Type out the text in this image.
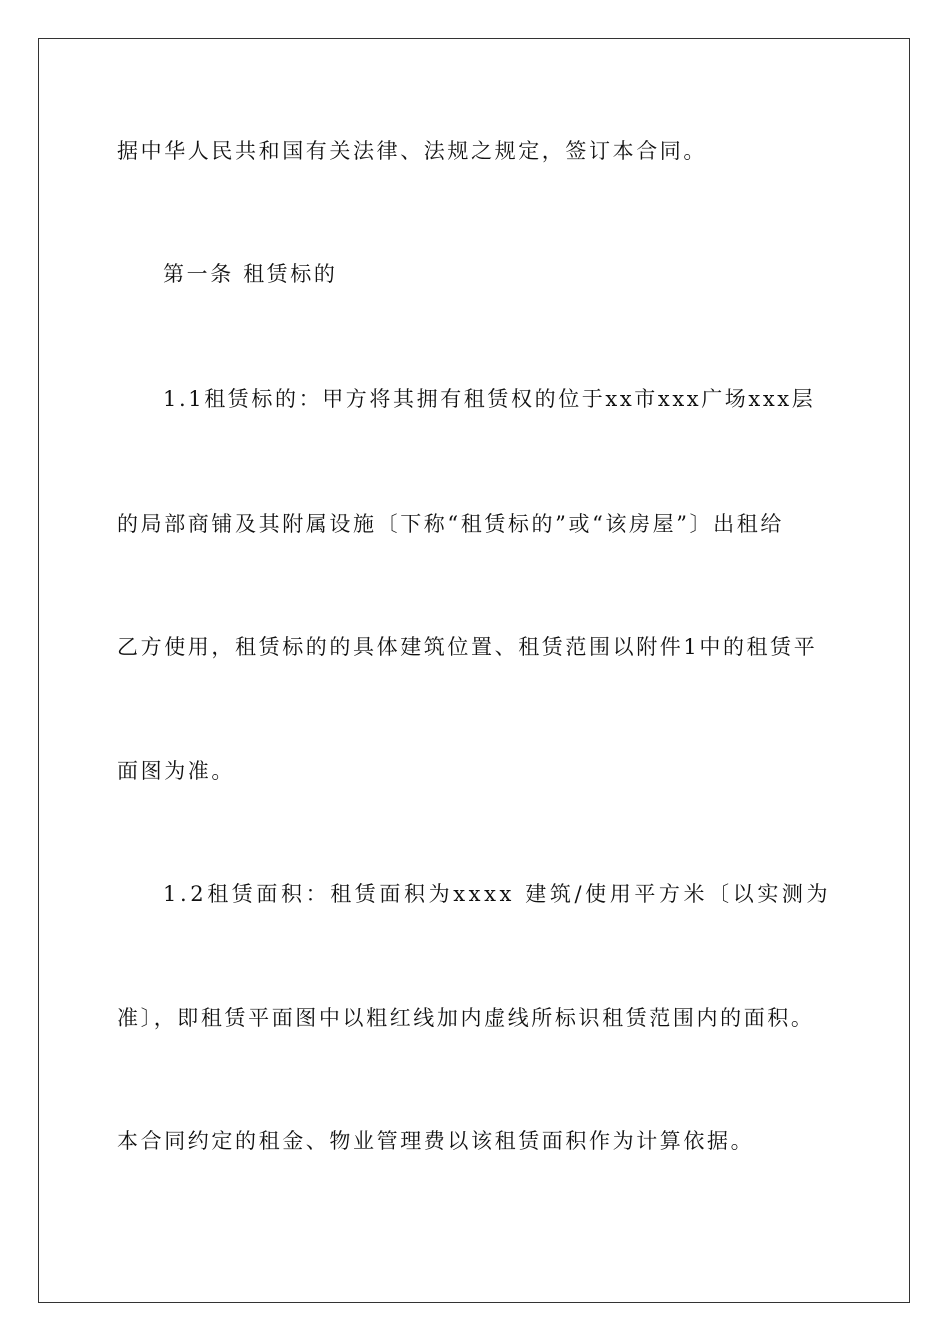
据中华人民共和国有关法律、法规之规定，签订本合同。
第一条 租赁标的
1.1租赁标的：甲方将其拥有租赁权的位于xx市xxx广场xxx层
的局部商铺及其附属设施〔下称“租赁标的”或“该房屋”〕出租给
乙方使用，租赁标的的具体建筑位置、租赁范围以附件1中的租赁平
面图为准。
1.2租赁面积：租赁面积为xxxx 建筑/使用平方米〔以实测为
准〕，即租赁平面图中以粗红线加内虚线所标识租赁范围内的面积。
本合同约定的租金、物业管理费以该租赁面积作为计算依据。
